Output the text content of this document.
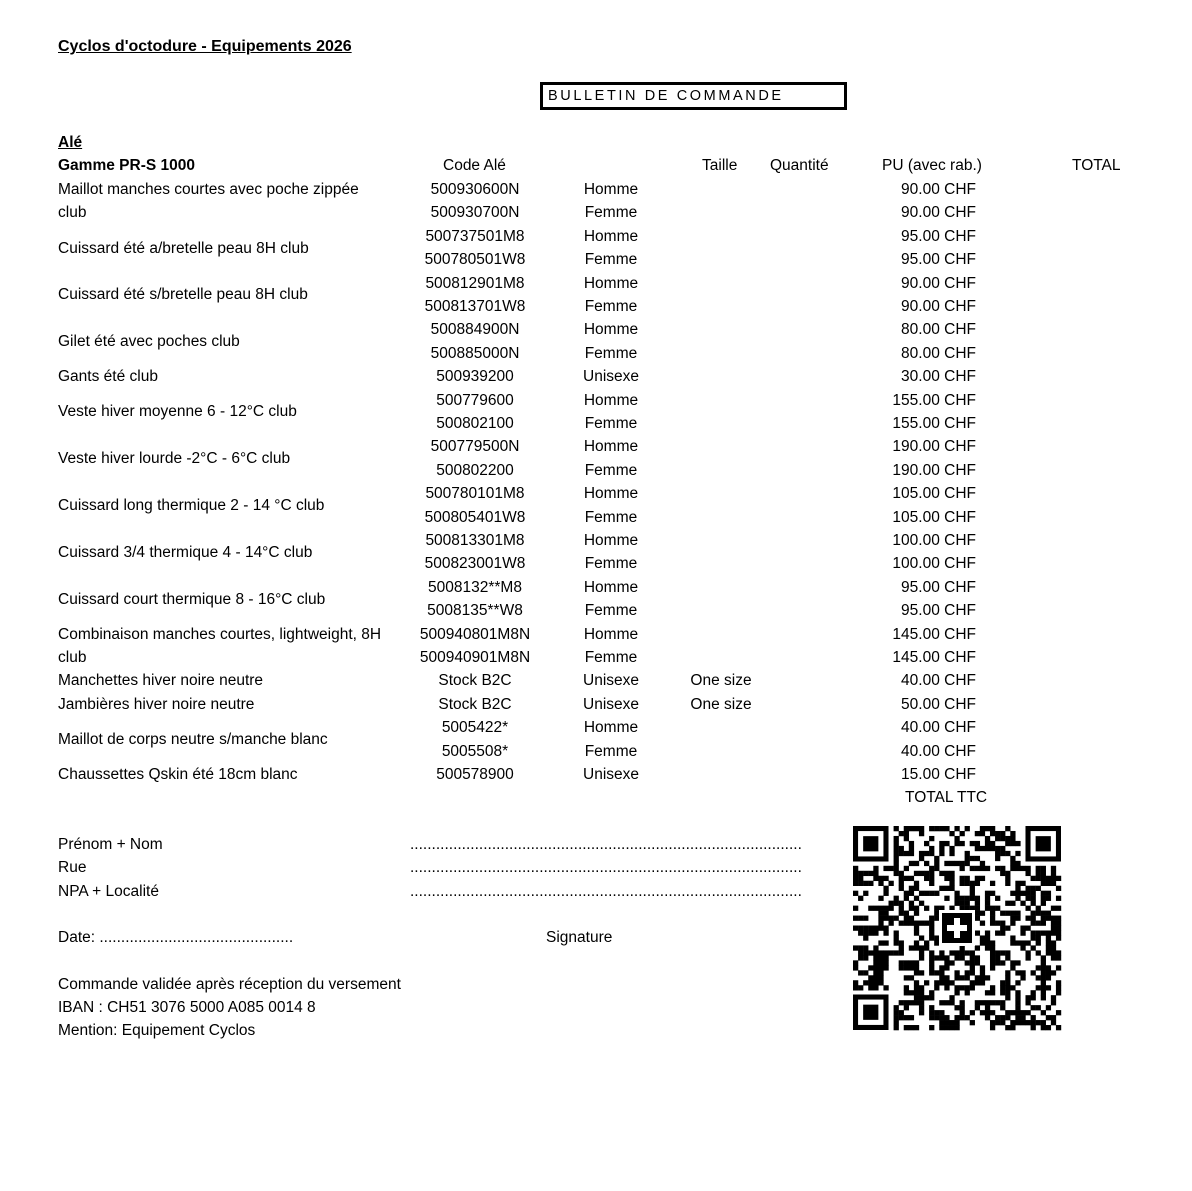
Cyclos d'octodure - Equipements 2026
BULLETIN DE COMMANDE
Alé
Gamme PR-S 1000	Code Alé	Taille Quantité	PU (avec rab.)	TOTAL
Maillot manches courtes avec poche zippée
club
500930600N	Homme	90.00 CHF
500930700N	Femme	90.00 CHF
Cuissard été a/bretelle peau 8H club
500737501M8	Homme	95.00 CHF
500780501W8	Femme	95.00 CHF
Cuissard été s/bretelle peau 8H club
500812901M8	Homme	90.00 CHF
500813701W8	Femme	90.00 CHF
Gilet été avec poches club
500884900N	Homme	80.00 CHF
500885000N	Femme	80.00 CHF
Gants été club	500939200	Unisexe	30.00 CHF
Veste hiver moyenne 6 - 12°C club
500779600	Homme	155.00 CHF
500802100	Femme	155.00 CHF
Veste hiver lourde -2°C - 6°C club
500779500N	Homme	190.00 CHF
500802200	Femme	190.00 CHF
Cuissard long thermique 2 - 14 °C club
500780101M8	Homme	105.00 CHF
500805401W8	Femme	105.00 CHF
Cuissard 3/4 thermique 4 - 14°C club
500813301M8	Homme	100.00 CHF
500823001W8	Femme	100.00 CHF
Cuissard court thermique 8 - 16°C club
5008132**M8	Homme	95.00 CHF
5008135**W8	Femme	95.00 CHF
Combinaison manches courtes, lightweight, 8H
club
500940801M8N	Homme	145.00 CHF
500940901M8N	Femme	145.00 CHF
Manchettes hiver noire neutre	Stock B2C	Unisexe	One size	40.00 CHF
Jambières hiver noire neutre	Stock B2C	Unisexe	One size	50.00 CHF
Maillot de corps neutre s/manche blanc
5005422*	Homme	40.00 CHF
5005508*	Femme	40.00 CHF
Chaussettes Qskin été 18cm blanc	500578900	Unisexe	15.00 CHF
TOTAL TTC
Prénom + Nom	...........................................................................................
Rue	...........................................................................................
NPA + Localité	...........................................................................................
Date: .............................................	Signature
Commande validée après réception du versement
IBAN : CH51 3076 5000 A085 0014 8
Mention: Equipement Cyclos
